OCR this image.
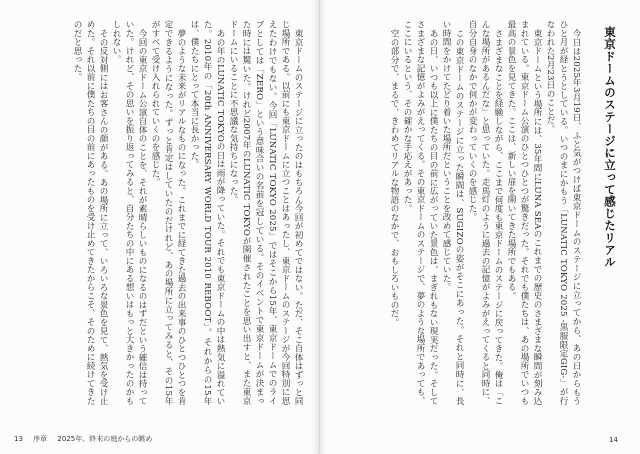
東京ドームのステージに立ったのはもちろん今回が初めてではない。ただ、そこ自体はずっと同じ場所である。以前にも東京ドームに立つことはあったし、東京ドームのステージが今回特別に思えたわけでもない。今回「LUNATIC TOKYO 2025」ではそこから15年、東京ドームでのライブとしては「ZERO」という意味合いの名前を冠している。そのイベントで東京ドームが決まった時には驚いた。けれど2007年のLUNATIC TOKYOが開催されたことを思い出すと、また東京ドームにいることに不思議な気持ちになった。

あの年のLUNATIC TOKYOの日は雨が降っていた。それでも東京ドームの中は熱気に溢れていた。2010年の「20th ANNIVERSARY WORLD TOUR 2010 REBOOT」。それからの15年は、僕たちにとって本当に長かった。

夢のような未来がリアルなものになった。これまでに経てきた過去の出来事のひとつひとつを肯定できるようになった。ずっと肯定はしていたのだけれど、あの場所に立ってみると、その15年がすべて受け入れられていくのを感じた。

今回の東京ドーム公演自体のことを、それが素晴らしいものになるのはずだという確信は持っていた。けれど、その思いを振り返ってみると、自分たちの中にある想いはもっと大きかったのかもしれない。

その反対側にはお客さんの顔がある。あの場所に立って、いろいろな景色を見て、熱気を受け止めた。それ以前に僕たちの目の前にあったものを受け止めてきたからこそ、そのために続けてきたのだと思った。

13 序章 2025年、終末の庭からの眺め
東京ドームのステージに立って感じたリアル

今日は2025年3月19日、ふと気がつけば東京ドームのステージに立ってから、あの日からもうひと月が経とうとしている。いつのまにかもう「LUNATIC TOKYO 2025 -黒服限定GIG-」が行なわれた2月23日のことだ。

東京ドームという場所には、35年間にLUNA SEAのこれまでの歴史のさまざまな瞬間が刻み込まれている。東京ドーム公演のひとつひとつが驚きだった。それでも僕たちは、あの場所でいつも最高の景色を見てきた。ここは、新しい扉を開いてきた場所でもある。

さまざまなことを経験しながら、ここまで何度も東京ドームのステージに戻ってきた。俺は「こんな場所があるんだな」と思っていた。走馬灯のように過去の記憶がよみがえってくると同時に、自分自身のなかで何かが変わっていくのを感じた。

この東京ドームのステージに立った瞬間は、SUGIZOの姿がそこにあった。それと同時に、長い時間をかけてたどり着いた場所だということを改めて感じていた。

あの日、いつも以上に僕たちの目の前に広がっていた景色は、まぎれもない現実だった。そしてさまざまな記憶がよみがえってくる。その東京ドームのステージで、夢のような場所であっても、ここにいるという、その確かな手応えがあった。

空の部分で、まるで、きわめてリアルな物語のなかで、おもしろいものだ。

14
